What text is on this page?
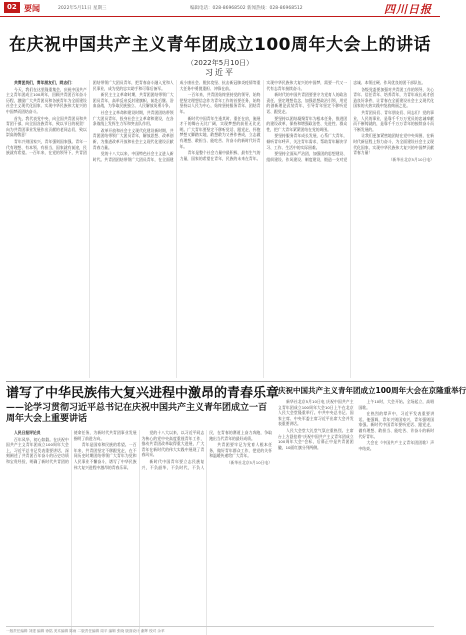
02 要闻	2022年5月11日 星期三	编辑电话：028-86968502 新闻热线：028-86968512	四川日报
在庆祝中国共产主义青年团成立100周年大会上的讲话
（2022年5月10日）
习近平

共青团员们，青年朋友们，同志们：

今天，我们在这里隆重集会，庆祝中国共产主义青年团成立100周年，回顾共青团百年奋斗历程，激励广大共青团员和各族青年为全面建设社会主义现代化国家、实现中华民族伟大复兴的中国梦而团结奋斗。

首先，我代表党中央，向全国共青团员和共青团干部，向全国各族青年，致以节日的祝贺！向为共青团事业发展作出贡献的老同志们，致以崇高的敬意！

青年兴则国家兴，青年强则国家强。青年一代有理想、有本领、有担当，国家就有前途，民族就有希望。一百年来，在党的领导下，共青团团结带领广大团员青年，把青春奋斗融入党和人民事业，成为党的忠实助手和可靠后备军。

新民主主义革命时期，共青团团结带领广大团员青年，高举反帝反封建旗帜，前赴后继、浴血奋战，为争取民族独立、人民解放英勇斗争。

社会主义革命和建设时期，共青团团结带领广大团员青年，投身社会主义革命和建设，在各条战线上发挥生力军和突击队作用。

改革开放和社会主义现代化建设新时期，共青团团结带领广大团员青年，解放思想、改革创新，为推进改革开放和社会主义现代化建设贡献青春力量。

党的十八大以来，中国特色社会主义进入新时代。共青团团结带领广大团员青年，在全面建成小康社会、脱贫攻坚、抗击新冠肺炎疫情等重大任务中勇挑重担、冲锋在前。

一百年来，共青团始终坚持党的领导，始终把坚定理想信念作为青年工作的首要任务，始终坚持以人民为中心，始终坚持服务青年、团结青年。

新时代中国青年生逢其时、重任在肩，施展才干的舞台无比广阔，实现梦想的前景无比光明。广大青年要坚定不移听党话、跟党走，怀抱梦想又脚踏实地，敢想敢为又善作善成，立志做有理想、敢担当、能吃苦、肯奋斗的新时代好青年。

青年是整个社会力量中最积极、最有生气的力量，国家的希望在青年，民族的未来在青年。实现中华民族伟大复兴的中国梦，需要一代又一代有志青年接续奋斗。

新时代的中国共青团要坚守为党育人的政治责任，坚定理想信念，加强思想政治引领，用党的创新理论武装青年，引导青年坚定不移听党话、跟党走。

要坚持以团结凝聚青年为根本任务，推进团的建设改革，保持和增强政治性、先进性、群众性，把广大青年紧紧团结在党的周围。

要坚持服务青年成长发展，心系广大青年，倾听青年呼声，关注青年需求，帮助青年解决学习、工作、生活中的实际困难。

要坚持全面从严治团，加强团的思想建设、组织建设、作风建设、制度建设，锻造一支对党忠诚、本领过硬、作风优良的团干部队伍。

各级党委要加强对共青团工作的领导，关心青年、信任青年、培养青年，为青年成长成才创造良好条件，让青春在全面建设社会主义现代化国家的火热实践中绽放绚丽之花。

共青团员们、青年朋友们、同志们！党的事业，人民的事业，是靠千千万万党员的忠诚奉献而不断铸就的，是靠千千万万青年的接续奋斗而不断发展的。

让我们更加紧密地团结在党中央周围，在新时代新征程上努力奋斗，为全面建设社会主义现代化国家、实现中华民族伟大复兴的中国梦贡献青春力量！

（新华社北京5月10日电）

谱写了中华民族伟大复兴进程中激昂的青春乐章
——论学习贯彻习近平总书记在庆祝中国共产主义青年团成立一百周年大会上重要讲话

人民日报评论员

百年风华，初心如磐。在庆祝中国共产主义青年团成立100周年大会上，习近平总书记发表重要讲话，深刻阐述了共青团百年奋斗的历史功绩和宝贵经验，明确了新时代共青团的使命任务，为新时代共青团事业发展指明了前进方向。

青年是国家和民族的希望。一百年来，共青团坚定不移跟党走，在不同历史时期团结带领广大青年为党和人民事业不懈奋斗，谱写了中华民族伟大复兴进程中激昂的青春乐章。

党的十八大以来，以习近平同志为核心的党中央高度重视青年工作，推动共青团改革取得重大进展，广大青年在新时代的伟大实践中展现了青春风采。

新时代中国青年要立志民族复兴，不负韶华，不负时代，不负人民，在青春的赛道上奋力奔跑，争取跑出当代青年的最好成绩。

共青团要牢记为党育人根本任务，做好青年群众工作，把党的关怀和温暖传递给广大青年。

（新华社北京5月10日电）

庆祝中国共产主义青年团成立100周年大会在京隆重举行

新华社北京5月10日电 庆祝中国共产主义青年团成立100周年大会10日上午在北京人民大会堂隆重举行。中共中央总书记、国家主席、中央军委主席习近平出席大会并发表重要讲话。

人民大会堂大礼堂气氛庄重热烈。主席台上方悬挂着“庆祝中国共产主义青年团成立100周年大会”会标，后幕正中是共青团团徽，10面红旗分列两侧。

上午10时，大会开始。全场起立，高唱国歌。

在热烈的掌声中，习近平发表重要讲话。他强调，青年兴则国家兴，青年强则国家强。新时代中国青年要听党话、跟党走，做有理想、敢担当、能吃苦、肯奋斗的新时代好青年。

大会在《中国共产主义青年团团歌》声中结束。

一版责任编辑 刘建 编辑 徐铭 美术编辑 陈雨 二版责任编辑 周平 编辑 张晓 版面设计 谢辉 校对 余苹
